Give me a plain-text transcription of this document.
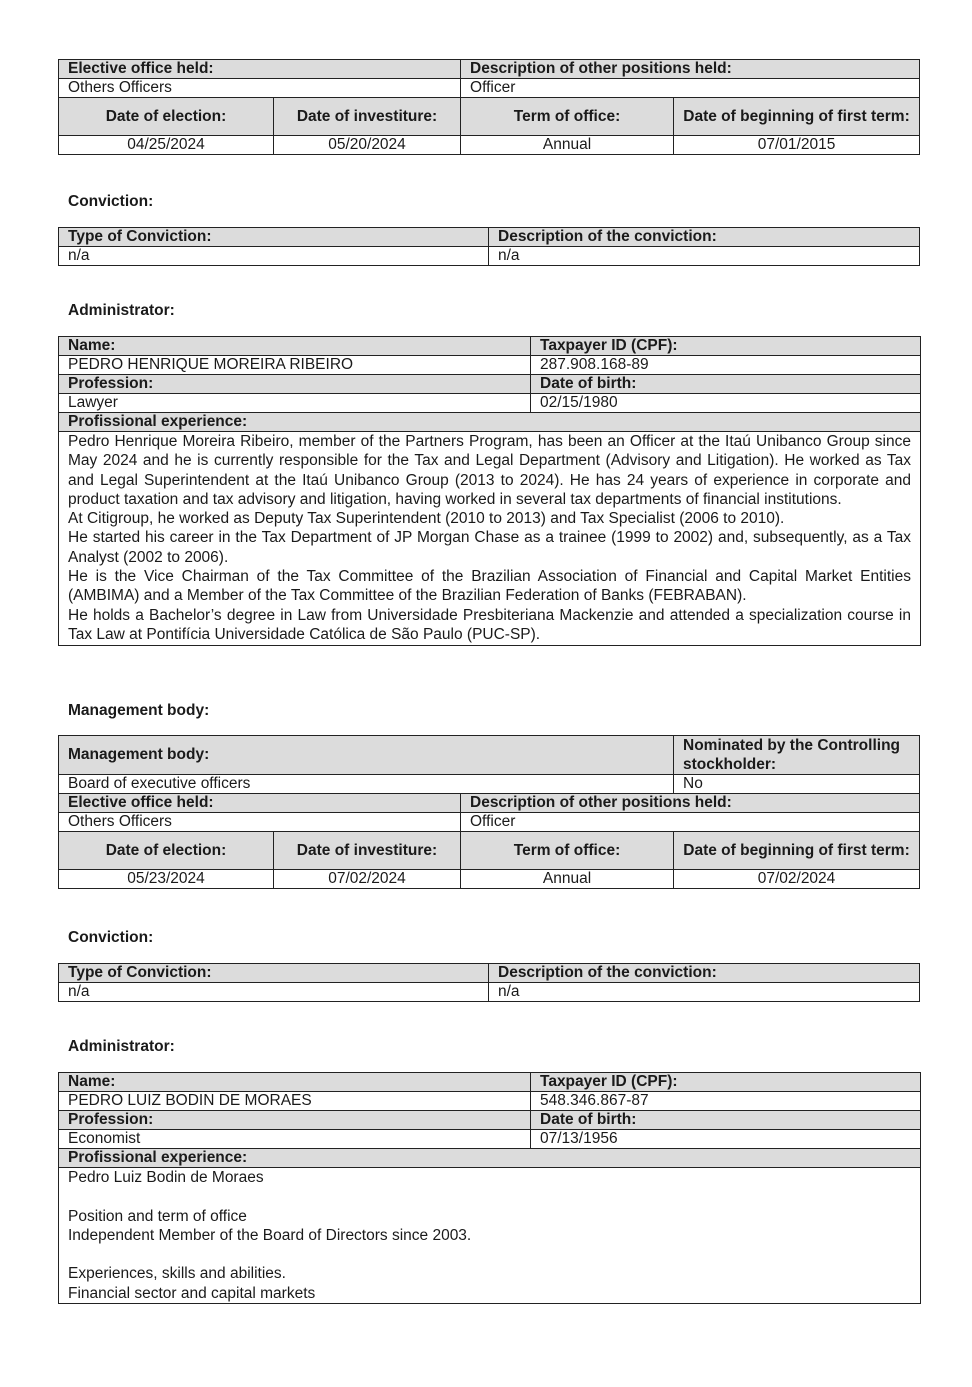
Elective office held:		Description of other positions held:	
Others Officers		Officer	
Date of election:	Date of investiture:	Term of office:	Date of beginning of first term:
04/25/2024	05/20/2024	Annual	07/01/2015
Conviction:
Type of Conviction:	Description of the conviction:
n/a	n/a
Administrator:
Name:	Taxpayer ID (CPF):
PEDRO HENRIQUE MOREIRA RIBEIRO	287.908.168-89
Profession:	Date of birth:
Lawyer	02/15/1980
Profissional experience:	

Pedro Henrique Moreira Ribeiro, member of the Partners Program, has been an Officer at the Itaú Unibanco Group since May 2024 and he is currently responsible for the Tax and Legal Department (Advisory and Litigation). He worked as Tax and Legal Superintendent at the Itaú Unibanco Group (2013 to 2024). He has 24 years of experience in corporate and product taxation and tax advisory and litigation, having worked in several tax departments of financial institutions.

At Citigroup, he worked as Deputy Tax Superintendent (2010 to 2013) and Tax Specialist (2006 to 2010).

He started his career in the Tax Department of JP Morgan Chase as a trainee (1999 to 2002) and, subsequently, as a Tax Analyst (2002 to 2006).

He is the Vice Chairman of the Tax Committee of the Brazilian Association of Financial and Capital Market Entities (AMBIMA) and a Member of the Tax Committee of the Brazilian Federation of Banks (FEBRABAN).

He holds a Bachelor’s degree in Law from Universidade Presbiteriana Mackenzie and attended a specialization course in Tax Law at Pontifícia Universidade Católica de São Paulo (PUC-SP).	

Management body:
Management body:			Nominated by the Controlling stockholder:
Board of executive officers			No
Elective office held:		Description of other positions held:	
Others Officers		Officer	
Date of election:	Date of investiture:	Term of office:	Date of beginning of first term:
05/23/2024	07/02/2024	Annual	07/02/2024
Conviction:
Type of Conviction:	Description of the conviction:
n/a	n/a
Administrator:
Name:	Taxpayer ID (CPF):
PEDRO LUIZ BODIN DE MORAES	548.346.867-87
Profession:	Date of birth:
Economist	07/13/1956
Profissional experience:	

Pedro Luiz Bodin de Moraes

Position and term of office

Independent Member of the Board of Directors since 2003.

Experiences, skills and abilities.

Financial sector and capital markets	
